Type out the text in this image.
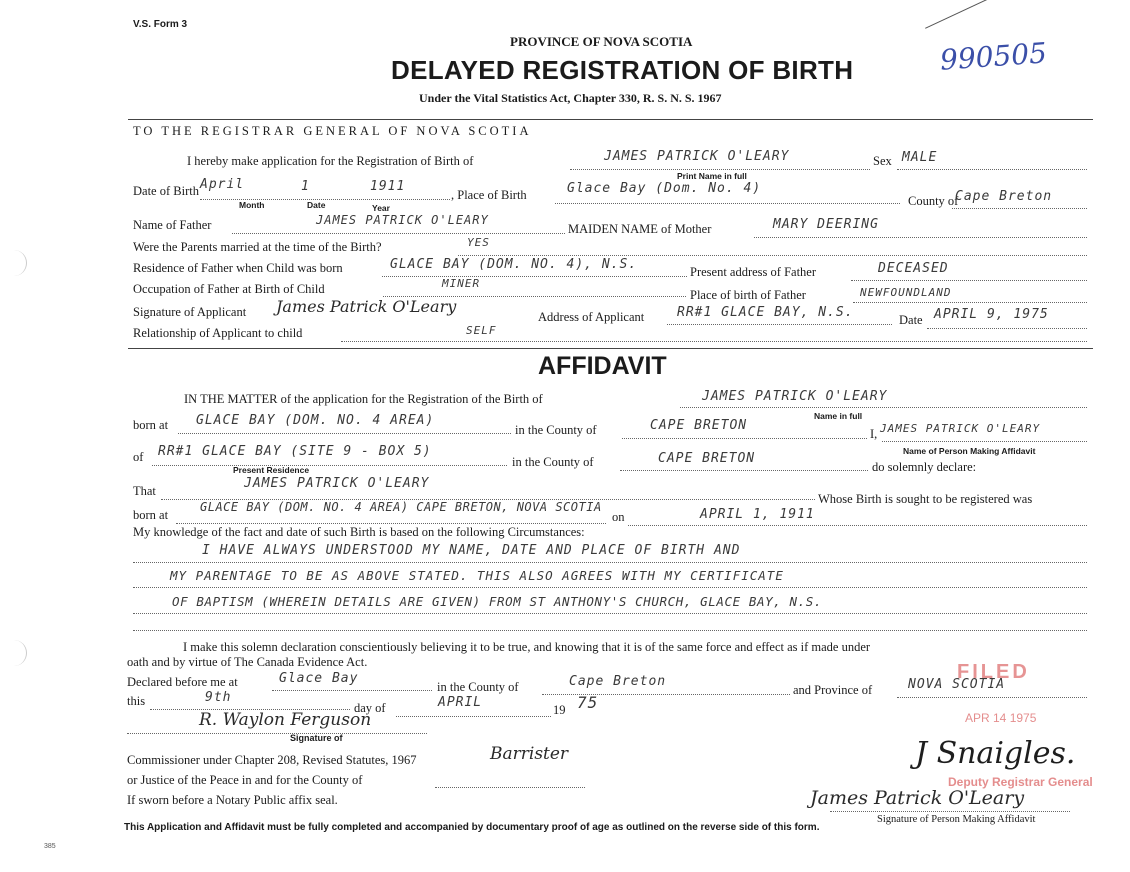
V.S. Form 3
PROVINCE OF NOVA SCOTIA
DELAYED REGISTRATION OF BIRTH
Under the Vital Statistics Act, Chapter 330, R. S. N. S. 1967
990505
TO THE REGISTRAR GENERAL OF NOVA SCOTIA
I hereby make application for the Registration of Birth of	JAMES PATRICK O'LEARY	Sex MALE
Print Name in full
Date of Birth April	1	1911
Month	Date	Year
, Place of Birth	Glace Bay (Dom. No. 4)
County of
Cape Breton
Name of Father	JAMES PATRICK O'LEARY
MAIDEN NAME of Mother	MARY DEERING
Were the Parents married at the time of the Birth?	YES
Residence of Father when Child was born	GLACE BAY (DOM. NO. 4), N.S.	Present address of Father	DECEASED
Occupation of Father at Birth of Child	MINER
Place of birth of Father	NEWFOUNDLAND
Signature of Applicant James Patrick O'Leary
Address of Applicant	RR#1 GLACE BAY, N.S.	Date APRIL 9, 1975
Relationship of Applicant to child	SELF
AFFIDAVIT
IN THE MATTER of the application for the Registration of the Birth of	JAMES PATRICK O'LEARY
Name in full
born at GLACE BAY (DOM. NO. 4 AREA)
in the County of	CAPE BRETON
I, JAMES PATRICK O'LEARY
Name of Person Making Affidavit
of RR#1 GLACE BAY (SITE 9 - BOX 5)
Present Residence
in the County of	CAPE BRETON
do solemnly declare:
That	JAMES PATRICK O'LEARY
Whose Birth is sought to be registered was
born at
GLACE BAY (DOM. NO. 4 AREA) CAPE BRETON, NOVA SCOTIA
on	APRIL 1, 1911
My knowledge of the fact and date of such Birth is based on the following Circumstances:
I HAVE ALWAYS UNDERSTOOD MY NAME, DATE AND PLACE OF BIRTH AND
MY PARENTAGE TO BE AS ABOVE STATED. THIS ALSO AGREES WITH MY CERTIFICATE
OF BAPTISM (WHEREIN DETAILS ARE GIVEN) FROM ST ANTHONY'S CHURCH, GLACE BAY, N.S.
I make this solemn declaration conscientiously believing it to be true, and knowing that it is of the same force and effect as if made under
oath and by virtue of The Canada Evidence Act.
Declared before me at	Glace Bay
in the County of	Cape Breton
and Province of	NOVA SCOTIA
this	9th
day of	APRIL	19 75
R. Waylon Ferguson
Signature of
Commissioner under Chapter 208, Revised Statutes, 1967	Barrister
or Justice of the Peace in and for the County of
If sworn before a Notary Public affix seal.
FILED
APR 14 1975
J Snaigles.
Deputy Registrar General
James Patrick O'Leary
Signature of Person Making Affidavit
This Application and Affidavit must be fully completed and accompanied by documentary proof of age as outlined on the reverse side of this form.
385
